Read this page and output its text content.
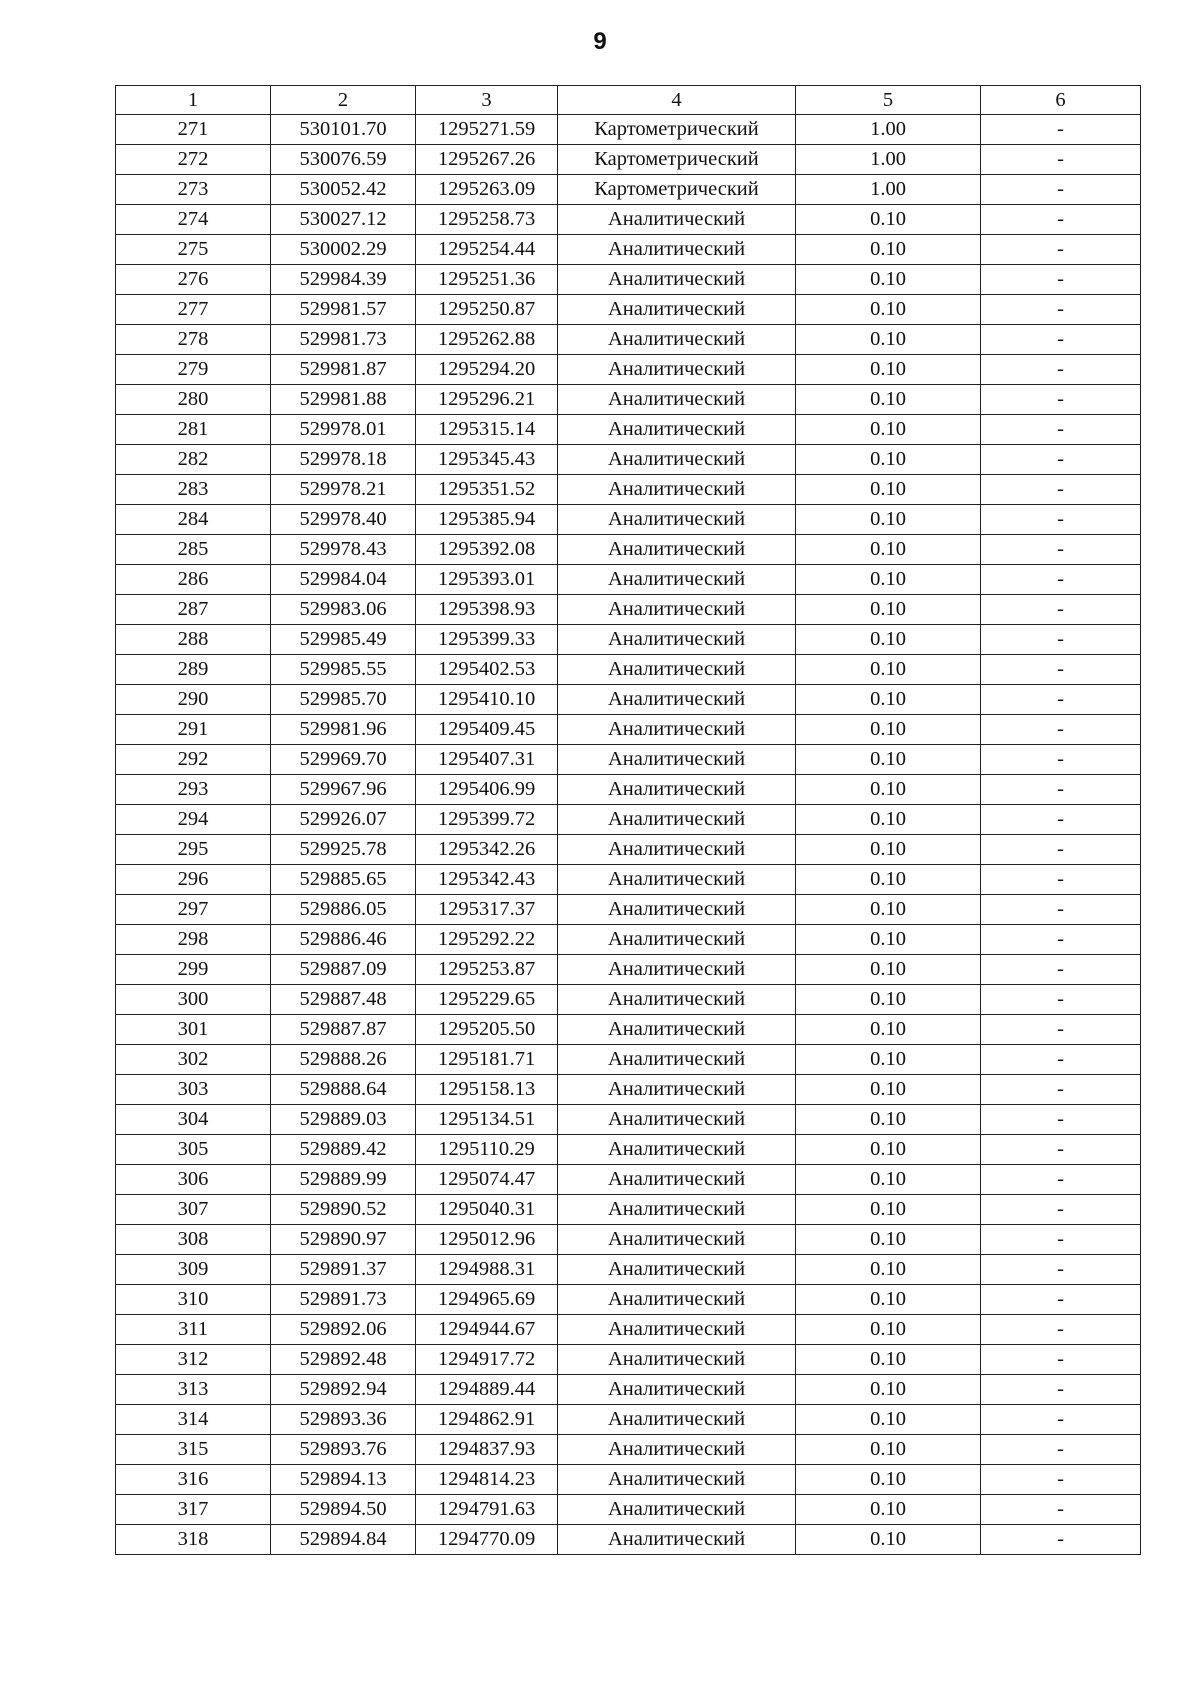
9
1	2	3	4	5	6
271	530101.70	1295271.59	Картометрический	1.00	-
272	530076.59	1295267.26	Картометрический	1.00	-
273	530052.42	1295263.09	Картометрический	1.00	-
274	530027.12	1295258.73	Аналитический	0.10	-
275	530002.29	1295254.44	Аналитический	0.10	-
276	529984.39	1295251.36	Аналитический	0.10	-
277	529981.57	1295250.87	Аналитический	0.10	-
278	529981.73	1295262.88	Аналитический	0.10	-
279	529981.87	1295294.20	Аналитический	0.10	-
280	529981.88	1295296.21	Аналитический	0.10	-
281	529978.01	1295315.14	Аналитический	0.10	-
282	529978.18	1295345.43	Аналитический	0.10	-
283	529978.21	1295351.52	Аналитический	0.10	-
284	529978.40	1295385.94	Аналитический	0.10	-
285	529978.43	1295392.08	Аналитический	0.10	-
286	529984.04	1295393.01	Аналитический	0.10	-
287	529983.06	1295398.93	Аналитический	0.10	-
288	529985.49	1295399.33	Аналитический	0.10	-
289	529985.55	1295402.53	Аналитический	0.10	-
290	529985.70	1295410.10	Аналитический	0.10	-
291	529981.96	1295409.45	Аналитический	0.10	-
292	529969.70	1295407.31	Аналитический	0.10	-
293	529967.96	1295406.99	Аналитический	0.10	-
294	529926.07	1295399.72	Аналитический	0.10	-
295	529925.78	1295342.26	Аналитический	0.10	-
296	529885.65	1295342.43	Аналитический	0.10	-
297	529886.05	1295317.37	Аналитический	0.10	-
298	529886.46	1295292.22	Аналитический	0.10	-
299	529887.09	1295253.87	Аналитический	0.10	-
300	529887.48	1295229.65	Аналитический	0.10	-
301	529887.87	1295205.50	Аналитический	0.10	-
302	529888.26	1295181.71	Аналитический	0.10	-
303	529888.64	1295158.13	Аналитический	0.10	-
304	529889.03	1295134.51	Аналитический	0.10	-
305	529889.42	1295110.29	Аналитический	0.10	-
306	529889.99	1295074.47	Аналитический	0.10	-
307	529890.52	1295040.31	Аналитический	0.10	-
308	529890.97	1295012.96	Аналитический	0.10	-
309	529891.37	1294988.31	Аналитический	0.10	-
310	529891.73	1294965.69	Аналитический	0.10	-
311	529892.06	1294944.67	Аналитический	0.10	-
312	529892.48	1294917.72	Аналитический	0.10	-
313	529892.94	1294889.44	Аналитический	0.10	-
314	529893.36	1294862.91	Аналитический	0.10	-
315	529893.76	1294837.93	Аналитический	0.10	-
316	529894.13	1294814.23	Аналитический	0.10	-
317	529894.50	1294791.63	Аналитический	0.10	-
318	529894.84	1294770.09	Аналитический	0.10	-
